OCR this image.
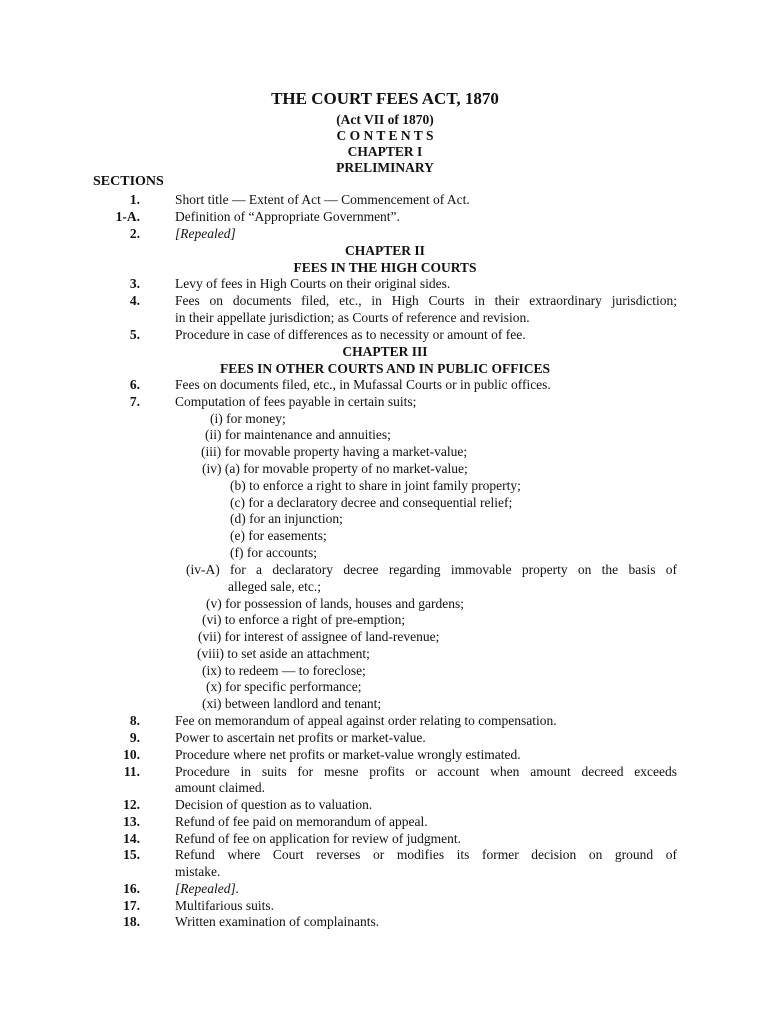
THE COURT FEES ACT, 1870
(Act VII of 1870)
C O N T E N T S
CHAPTER I
PRELIMINARY
SECTIONS
1.	Short title — Extent of Act — Commencement of Act.
1-A.	Definition of “Appropriate Government”.
2.	[Repealed]
CHAPTER II
FEES IN THE HIGH COURTS
3.	Levy of fees in High Courts on their original sides.
4.	Fees on documents filed, etc., in High Courts in their extraordinary jurisdiction;
in their appellate jurisdiction; as Courts of reference and revision.
5.	Procedure in case of differences as to necessity or amount of fee.
CHAPTER III
FEES IN OTHER COURTS AND IN PUBLIC OFFICES
6.	Fees on documents filed, etc., in Mufassal Courts or in public offices.
7.	Computation of fees payable in certain suits;
(i) for money;
(ii) for maintenance and annuities;
(iii) for movable property having a market-value;
(iv) (a) for movable property of no market-value;
(b) to enforce a right to share in joint family property;
(c) for a declaratory decree and consequential relief;
(d) for an injunction;
(e) for easements;
(f) for accounts;
(iv-A) for a declaratory decree regarding immovable property on the basis of
alleged sale, etc.;
(v) for possession of lands, houses and gardens;
(vi) to enforce a right of pre-emption;
(vii) for interest of assignee of land-revenue;
(viii) to set aside an attachment;
(ix) to redeem — to foreclose;
(x) for specific performance;
(xi) between landlord and tenant;
8.	Fee on memorandum of appeal against order relating to compensation.
9.	Power to ascertain net profits or market-value.
10.	Procedure where net profits or market-value wrongly estimated.
11.	Procedure in suits for mesne profits or account when amount decreed exceeds
amount claimed.
12.	Decision of question as to valuation.
13.	Refund of fee paid on memorandum of appeal.
14.	Refund of fee on application for review of judgment.
15.	Refund where Court reverses or modifies its former decision on ground of
mistake.
16.	[Repealed].
17.	Multifarious suits.
18.	Written examination of complainants.
